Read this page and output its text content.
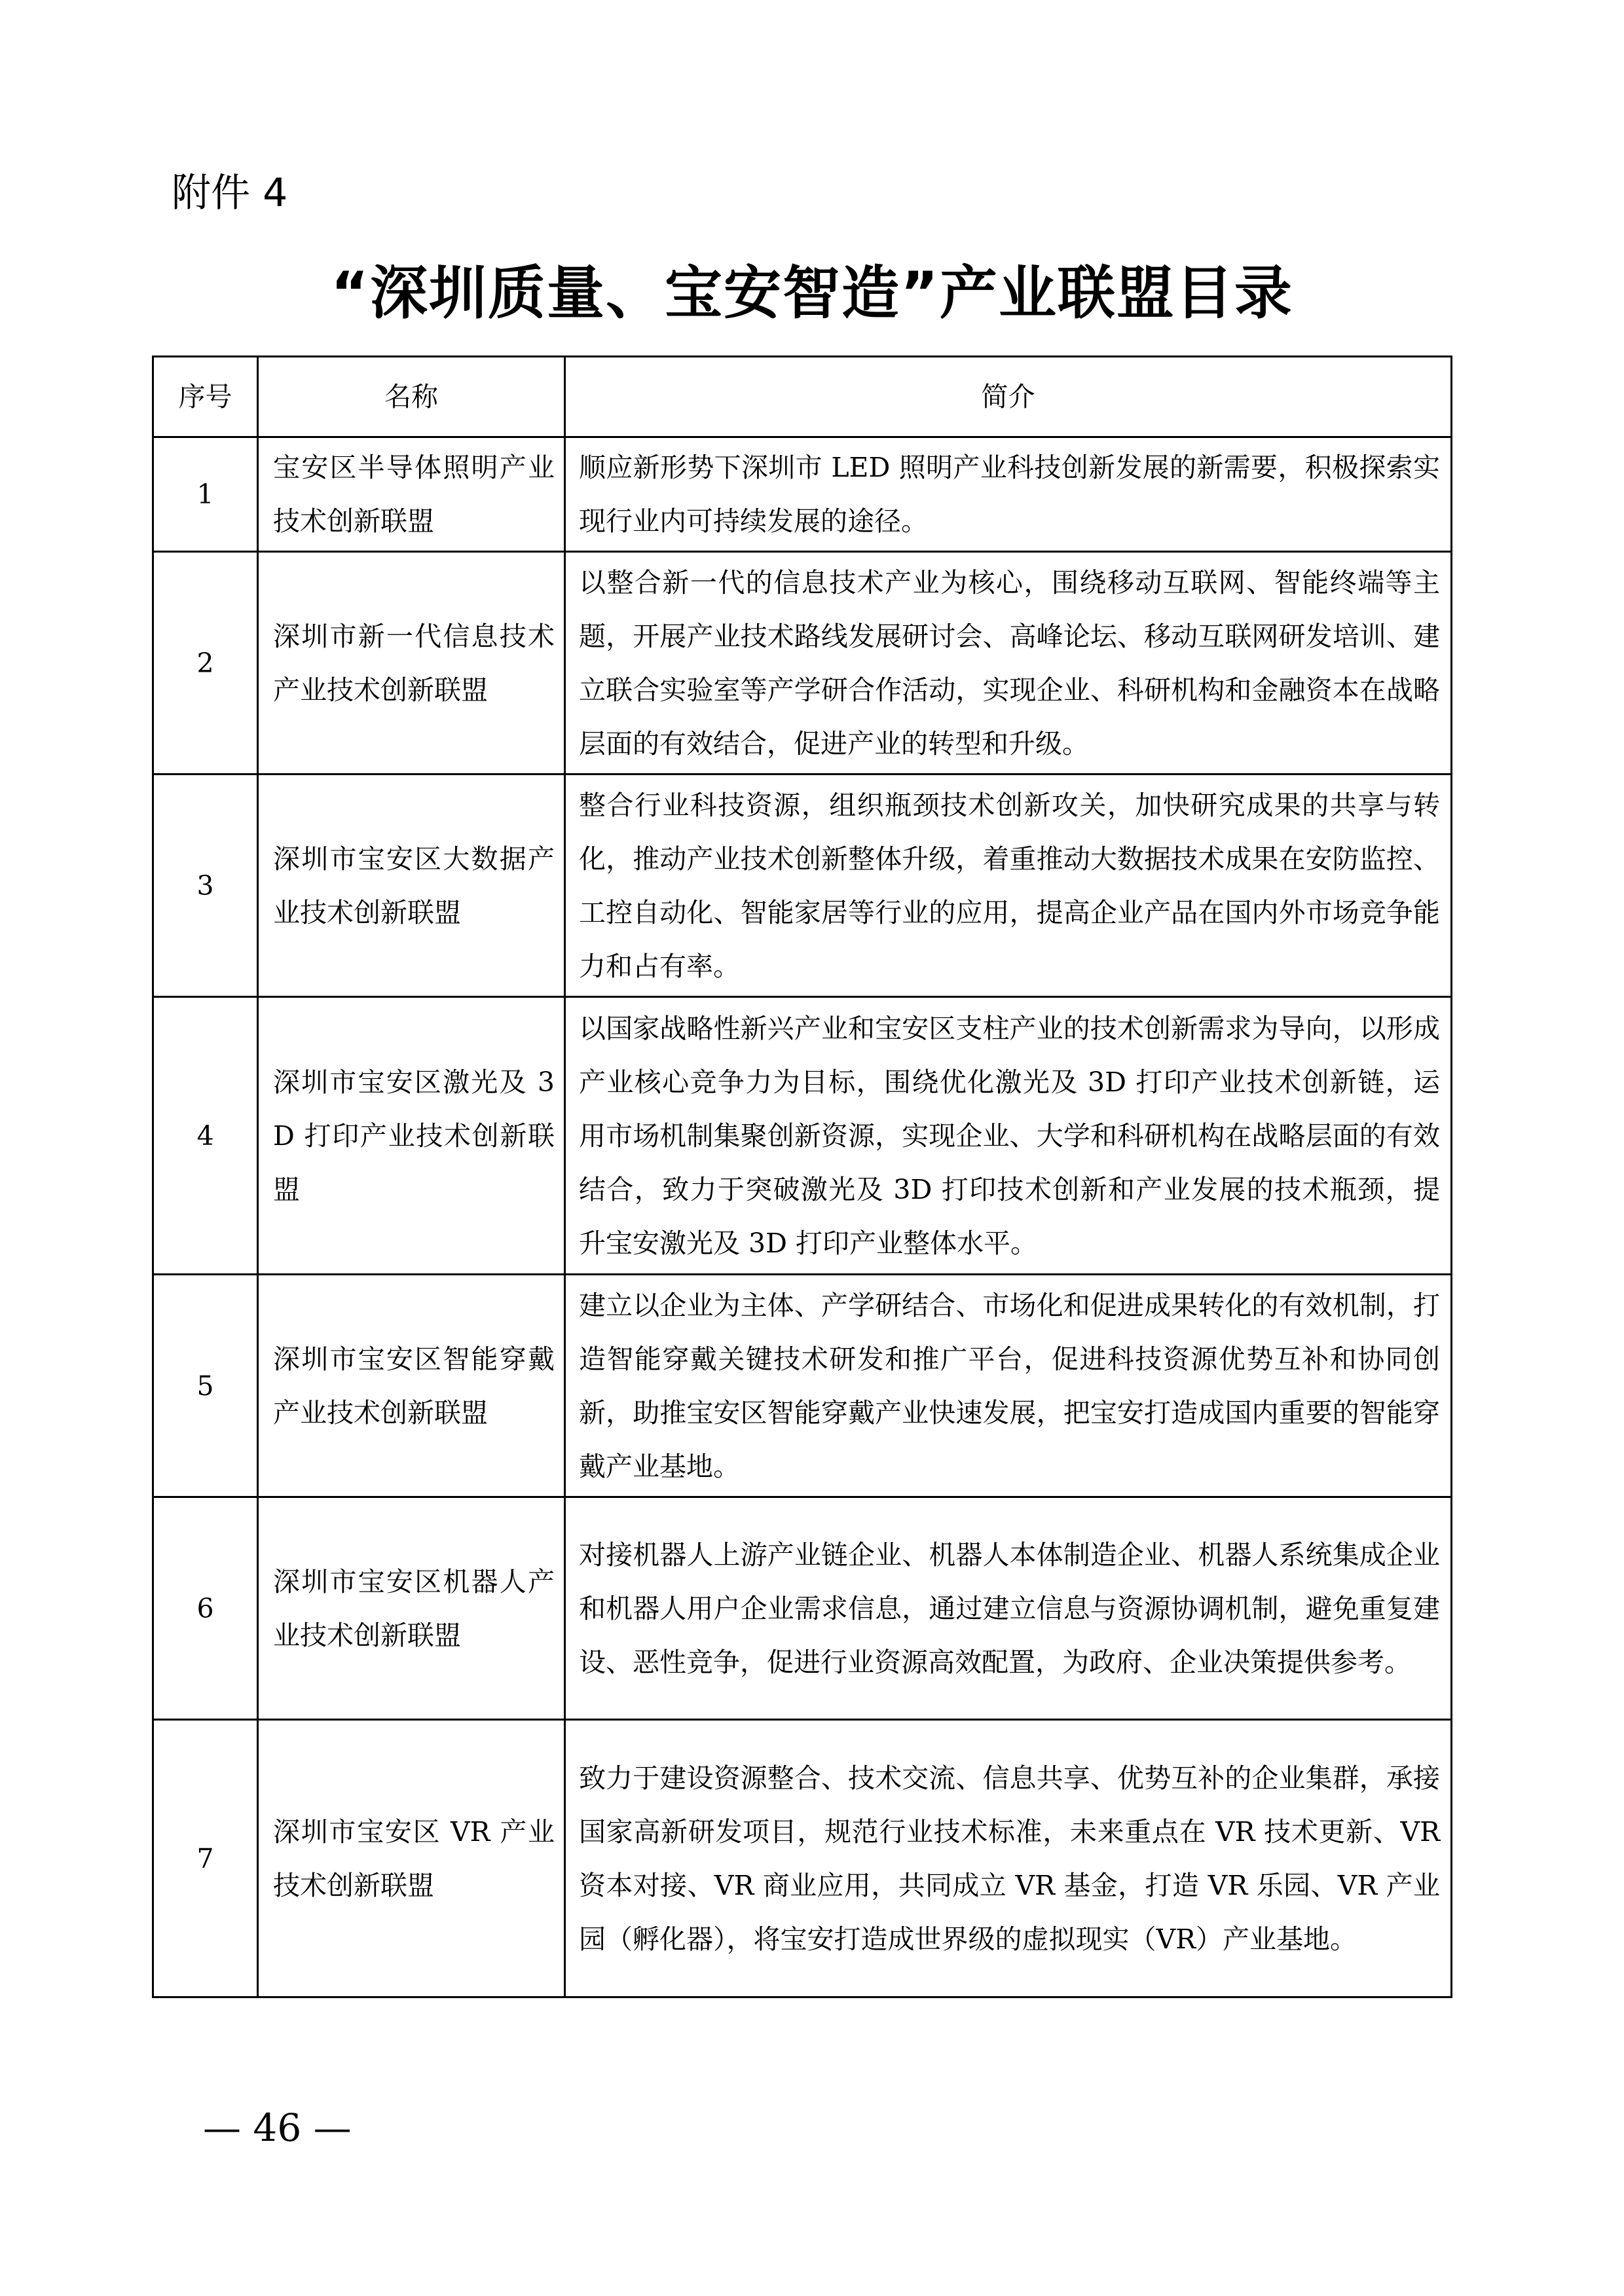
附件 4

“深圳质量、宝安智造”产业联盟目录
序号	名称	简介
1	宝安区半导体照明产业技术创新联盟	顺应新形势下深圳市 LED 照明产业科技创新发展的新需要，积极探索实现行业内可持续发展的途径。
2	深圳市新一代信息技术产业技术创新联盟	以整合新一代的信息技术产业为核心，围绕移动互联网、智能终端等主题，开展产业技术路线发展研讨会、高峰论坛、移动互联网研发培训、建立联合实验室等产学研合作活动，实现企业、科研机构和金融资本在战略层面的有效结合，促进产业的转型和升级。
3	深圳市宝安区大数据产业技术创新联盟	整合行业科技资源，组织瓶颈技术创新攻关，加快研究成果的共享与转化，推动产业技术创新整体升级，着重推动大数据技术成果在安防监控、工控自动化、智能家居等行业的应用，提高企业产品在国内外市场竞争能力和占有率。
4	深圳市宝安区激光及 3D 打印产业技术创新联盟	以国家战略性新兴产业和宝安区支柱产业的技术创新需求为导向，以形成产业核心竞争力为目标，围绕优化激光及 3D 打印产业技术创新链，运用市场机制集聚创新资源，实现企业、大学和科研机构在战略层面的有效结合，致力于突破激光及 3D 打印技术创新和产业发展的技术瓶颈，提升宝安激光及 3D 打印产业整体水平。
5	深圳市宝安区智能穿戴产业技术创新联盟	建立以企业为主体、产学研结合、市场化和促进成果转化的有效机制，打造智能穿戴关键技术研发和推广平台，促进科技资源优势互补和协同创新，助推宝安区智能穿戴产业快速发展，把宝安打造成国内重要的智能穿戴产业基地。
6	深圳市宝安区机器人产业技术创新联盟	对接机器人上游产业链企业、机器人本体制造企业、机器人系统集成企业和机器人用户企业需求信息，通过建立信息与资源协调机制，避免重复建设、恶性竞争，促进行业资源高效配置，为政府、企业决策提供参考。
7	深圳市宝安区 VR 产业技术创新联盟	致力于建设资源整合、技术交流、信息共享、优势互补的企业集群，承接国家高新研发项目，规范行业技术标准，未来重点在 VR 技术更新、VR 资本对接、VR 商业应用，共同成立 VR 基金，打造 VR 乐园、VR 产业园（孵化器），将宝安打造成世界级的虚拟现实（VR）产业基地。

— 46 —
